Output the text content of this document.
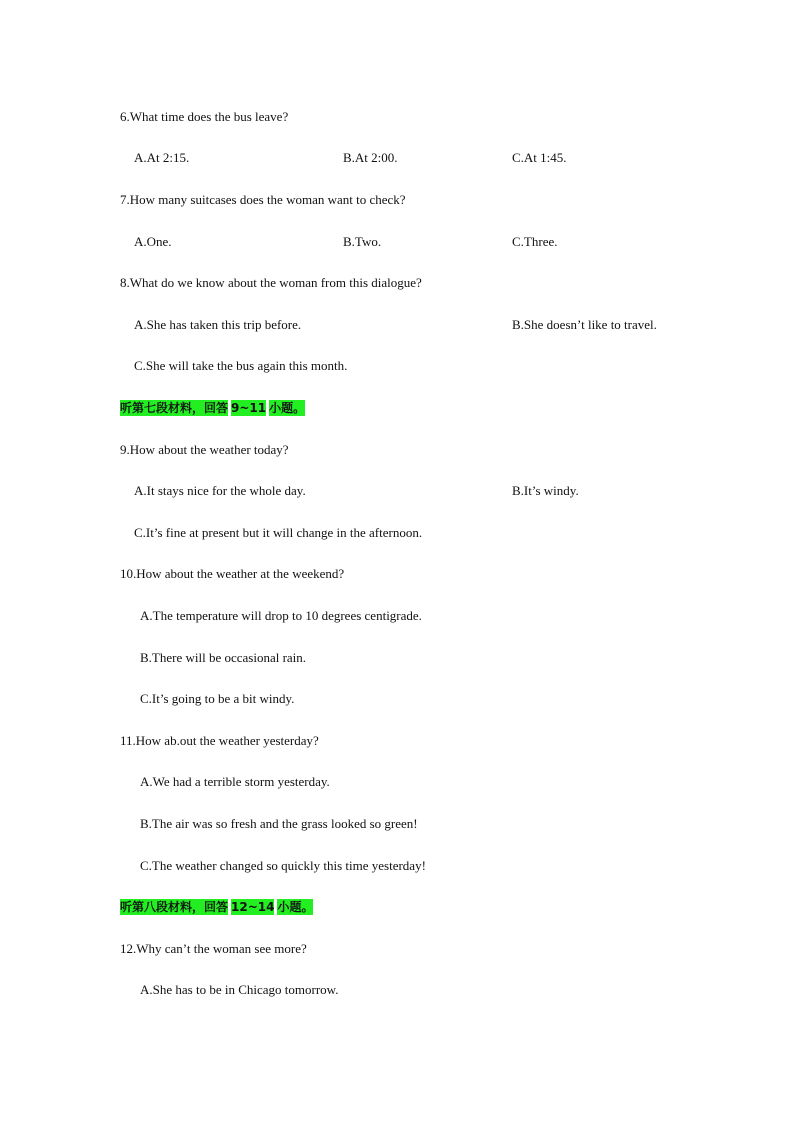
6.What time does the bus leave?
A.At 2:15.	B.At 2:00.	C.At 1:45.
7.How many suitcases does the woman want to check?
A.One.	B.Two.	C.Three.
8.What do we know about the woman from this dialogue?
A.She has taken this trip before.	B.She doesn’t like to travel.
C.She will take the bus again this month.
听第七段材料，回答 9~11 小题。
9.How about the weather today?
A.It stays nice for the whole day.	B.It’s windy.
C.It’s fine at present but it will change in the afternoon.
10.How about the weather at the weekend?
A.The temperature will drop to 10 degrees centigrade.
B.There will be occasional rain.
C.It’s going to be a bit windy.
11.How ab.out the weather yesterday?
A.We had a terrible storm yesterday.
B.The air was so fresh and the grass looked so green!
C.The weather changed so quickly this time yesterday!
听第八段材料，回答 12~14 小题。
12.Why can’t the woman see more?
A.She has to be in Chicago tomorrow.
